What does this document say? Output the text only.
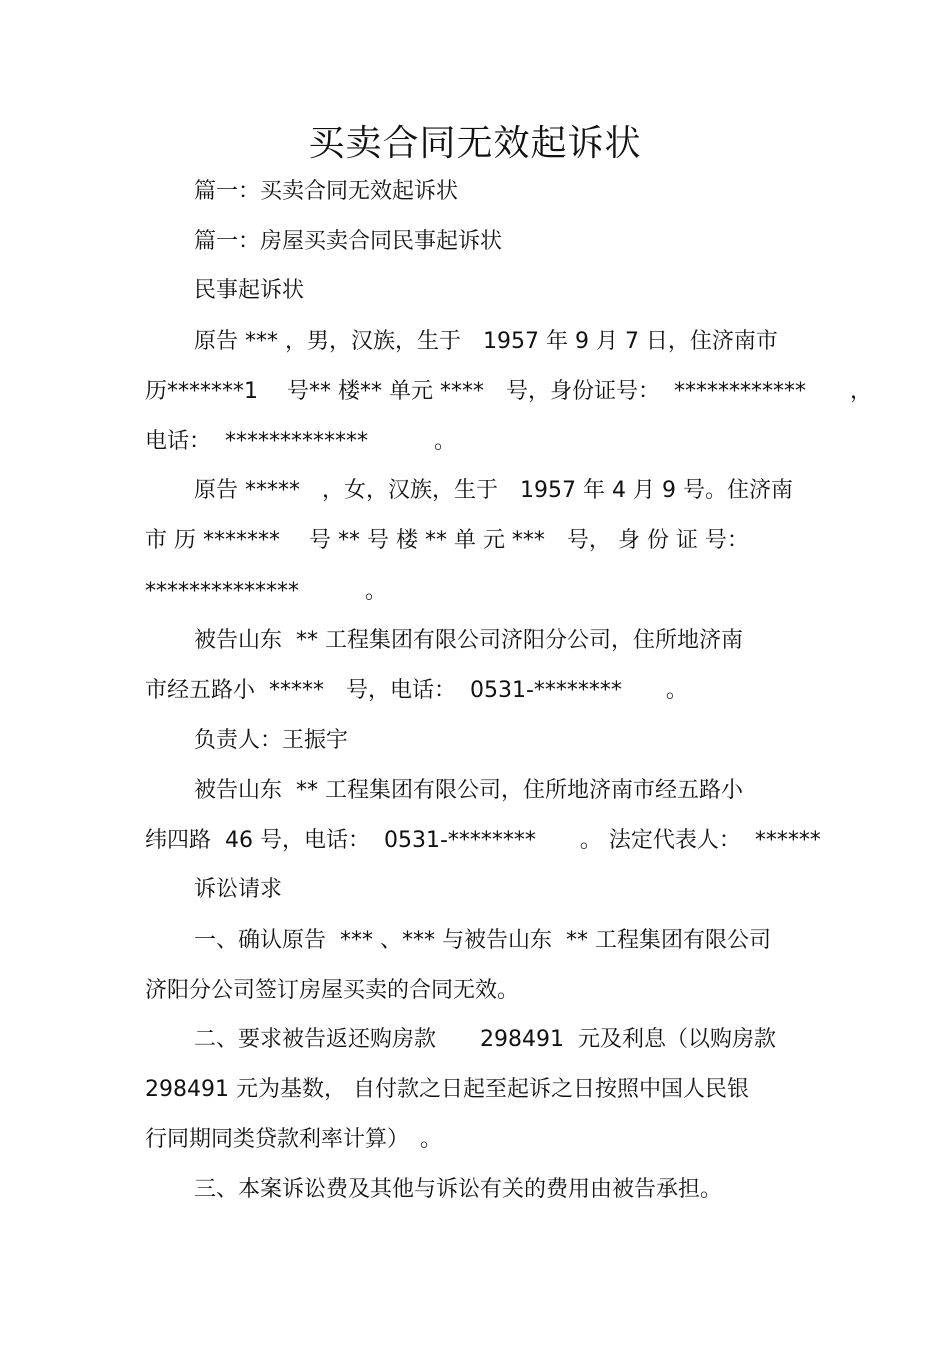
买卖合同无效起诉状
篇一：买卖合同无效起诉状
篇一：房屋买卖合同民事起诉状
民事起诉状
原告 *** ，男，汉族，生于　1957 年 9 月 7 日，住济南市
历*******1　 号** 楼** 单元 ****　号，身份证号：  ************　　，
电话：  *************　　　。
原告 *****　，女，汉族，生于　1957 年 4 月 9 号。住济南
市 历 *******　 号 ** 号 楼 ** 单 元 ***　号， 身 份 证 号：
**************　　　。
被告山东  ** 工程集团有限公司济阳分公司，住所地济南
市经五路小  *****　号，电话：  0531-********　　。
负责人：王振宇
被告山东  ** 工程集团有限公司，住所地济南市经五路小
纬四路  46 号，电话：  0531-********　　。 法定代表人：  ******
诉讼请求
一、确认原告  *** 、*** 与被告山东  ** 工程集团有限公司
济阳分公司签订房屋买卖的合同无效。
二、要求被告返还购房款　　298491  元及利息（以购房款
298491 元为基数， 自付款之日起至起诉之日按照中国人民银
行同期同类贷款利率计算）　。
三、本案诉讼费及其他与诉讼有关的费用由被告承担。
